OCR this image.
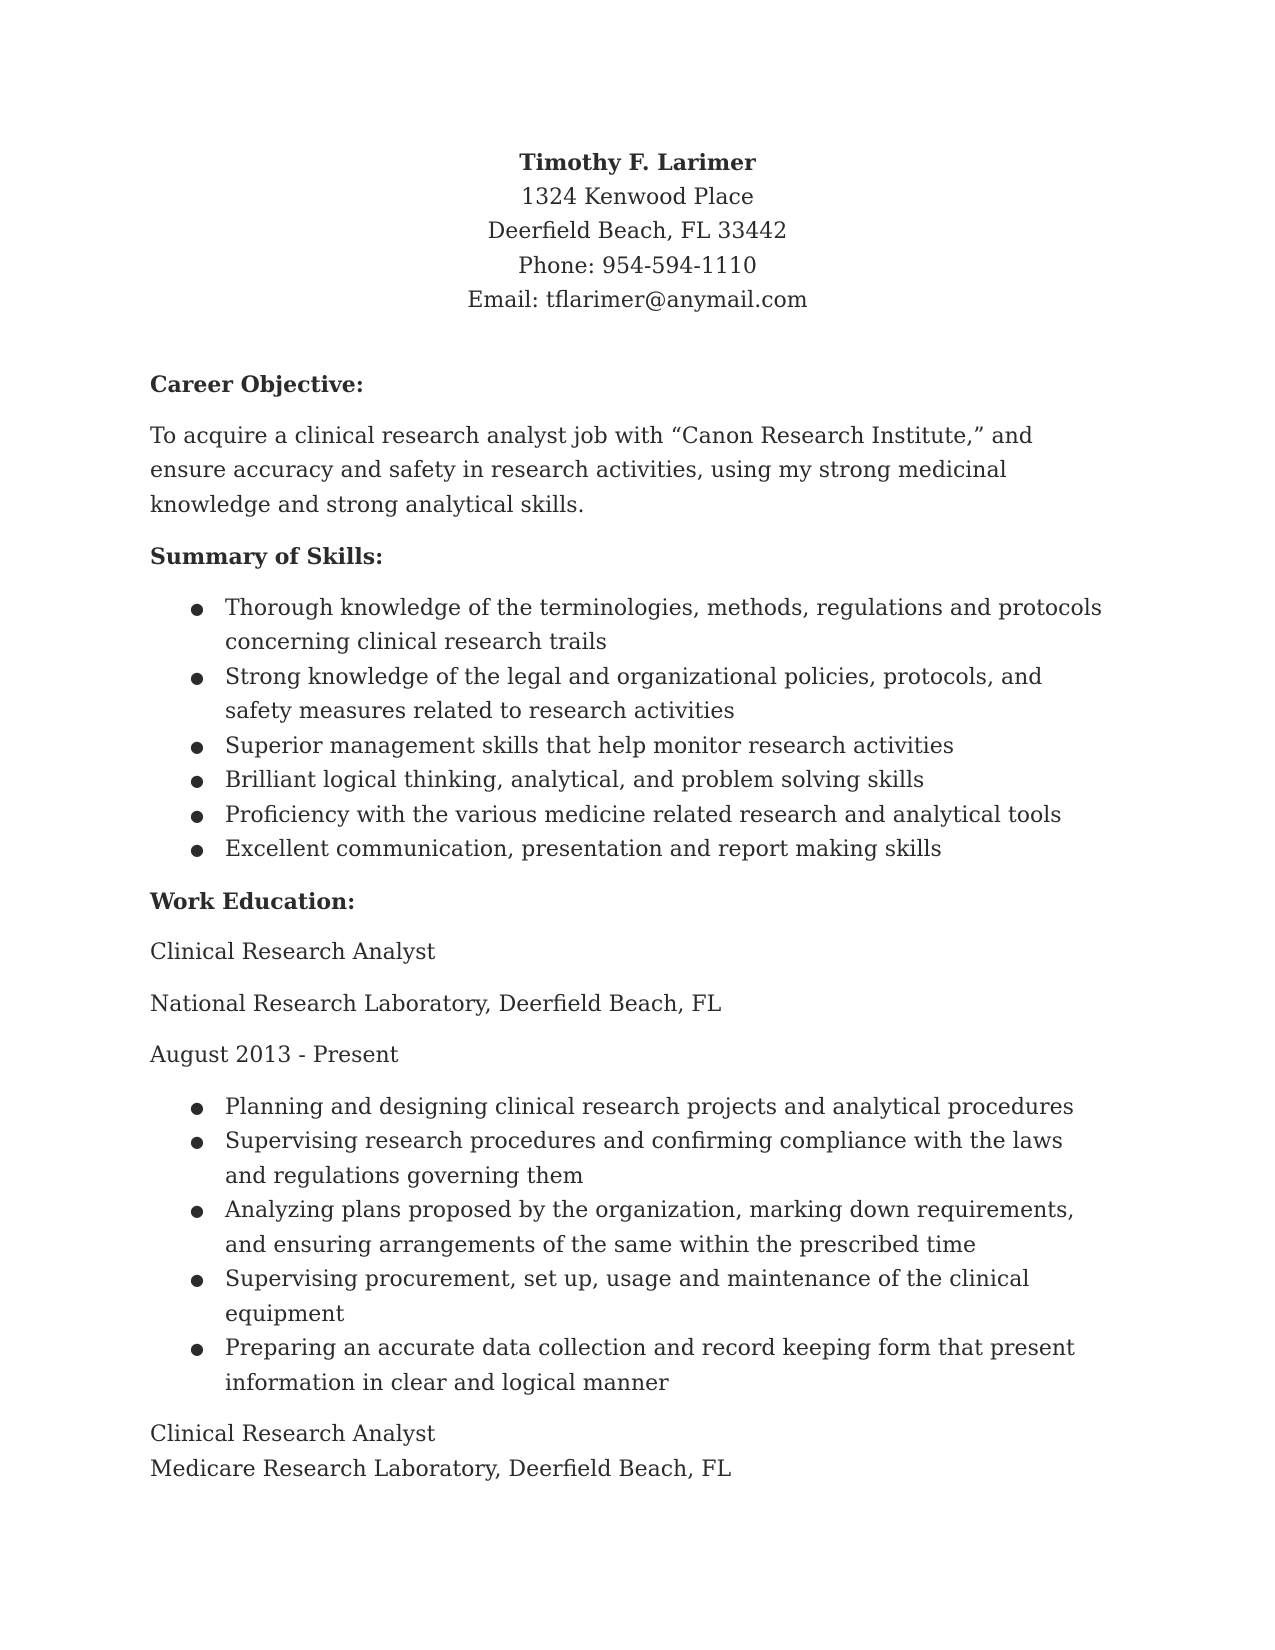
Timothy F. Larimer
1324 Kenwood Place
Deerfield Beach, FL 33442
Phone: 954-594-1110
Email: tflarimer@anymail.com
Career Objective:
To acquire a clinical research analyst job with “Canon Research Institute,” and ensure accuracy and safety in research activities, using my strong medicinal knowledge and strong analytical skills.
Summary of Skills:
● Thorough knowledge of the terminologies, methods, regulations and protocols concerning clinical research trails
● Strong knowledge of the legal and organizational policies, protocols, and safety measures related to research activities
● Superior management skills that help monitor research activities
● Brilliant logical thinking, analytical, and problem solving skills
● Proficiency with the various medicine related research and analytical tools
● Excellent communication, presentation and report making skills
Work Education:
Clinical Research Analyst
National Research Laboratory, Deerfield Beach, FL
August 2013 - Present
● Planning and designing clinical research projects and analytical procedures
● Supervising research procedures and confirming compliance with the laws and regulations governing them
● Analyzing plans proposed by the organization, marking down requirements, and ensuring arrangements of the same within the prescribed time
● Supervising procurement, set up, usage and maintenance of the clinical equipment
● Preparing an accurate data collection and record keeping form that present information in clear and logical manner
Clinical Research Analyst
Medicare Research Laboratory, Deerfield Beach, FL
